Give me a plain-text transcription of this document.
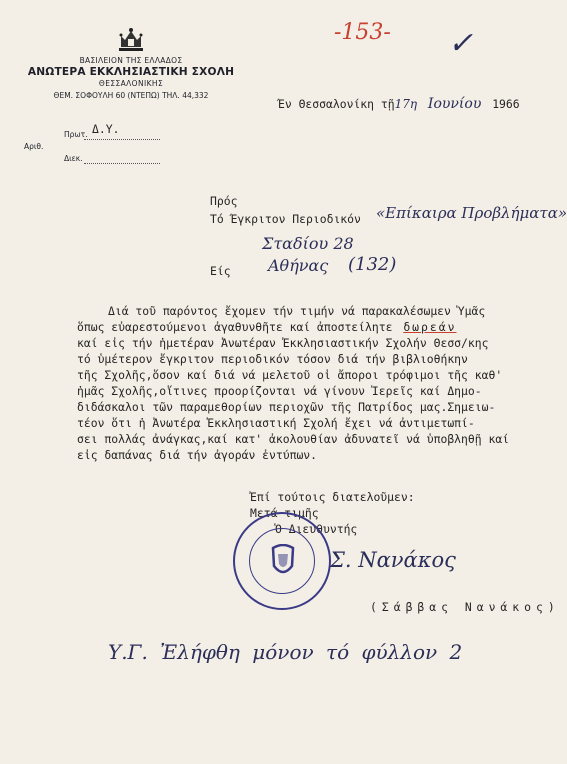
ΒΑΣΙΛΕΙΟΝ ΤΗΣ ΕΛΛΑΔΟΣ
ΑΝΩΤΕΡΑ ΕΚΚΛΗΣΙΑΣΤΙΚΗ ΣΧΟΛΗ
ΘΕΣΣΑΛΟΝΙΚΗΣ
ΘΕΜ. ΣΟΦΟΥΛΗ 60 (ΝΤΕΠΩ) ΤΗΛ. 44,332
Αριθ.
Πρωτ. Δ.Υ.
Διεκ.
-153- ✓
Έν Θεσσαλονίκη τῇ17η Ιουνίου 1966
Πρός
Τό Έγκριτον Περιοδικόν «Επίκαιρα Προβλήματα»
Σταδίου 28
Είς Αθήνας (132)
Διά τοῦ παρόντος ἔχομεν τήν τιμήν νά παρακαλέσωμεν Ὑμᾶς
ὅπως εὐαρεστούμενοι ἀγαθυνθῆτε καί ἀποστείλητε δωρεάν
καί εἰς τήν ἡμετέραν Ἀνωτέραν Ἐκκλησιαστικήν Σχολήν Θεσσ/κης
τό ὑμέτερον ἔγκριτον περιοδικόν τόσον διά τήν βιβλιοθήκην
τῆς Σχολῆς,ὅσον καί διά νά μελετοῦ οἱ ἄποροι τρόφιμοι τῆς καθ'
ἡμᾶς Σχολῆς,οἵτινες προορίζονται νά γίνουν Ἱερεῖς καί Δημο-
διδάσκαλοι τῶν παραμεθορίων περιοχῶν τῆς Πατρίδος μας.Σημειω-
τέον ὅτι ἡ Ἀνωτέρα Ἐκκλησιαστική Σχολή ἔχει νά ἀντιμετωπί-
σει πολλάς ἀνάγκας,καί κατ' ἀκολουθίαν ἀδυνατεῖ νά ὑποβληθῇ καί
εἰς δαπάνας διά τήν ἀγοράν ἐντύπων.
Ἐπί τούτοις διατελοῦμεν:
Μετά τιμῆς
Ὁ Διευθυντής
Σ. Νανάκος
(Σάββας Νανάκος)
Υ.Γ. Ἐλήφθη μόνον τό φύλλον 2
